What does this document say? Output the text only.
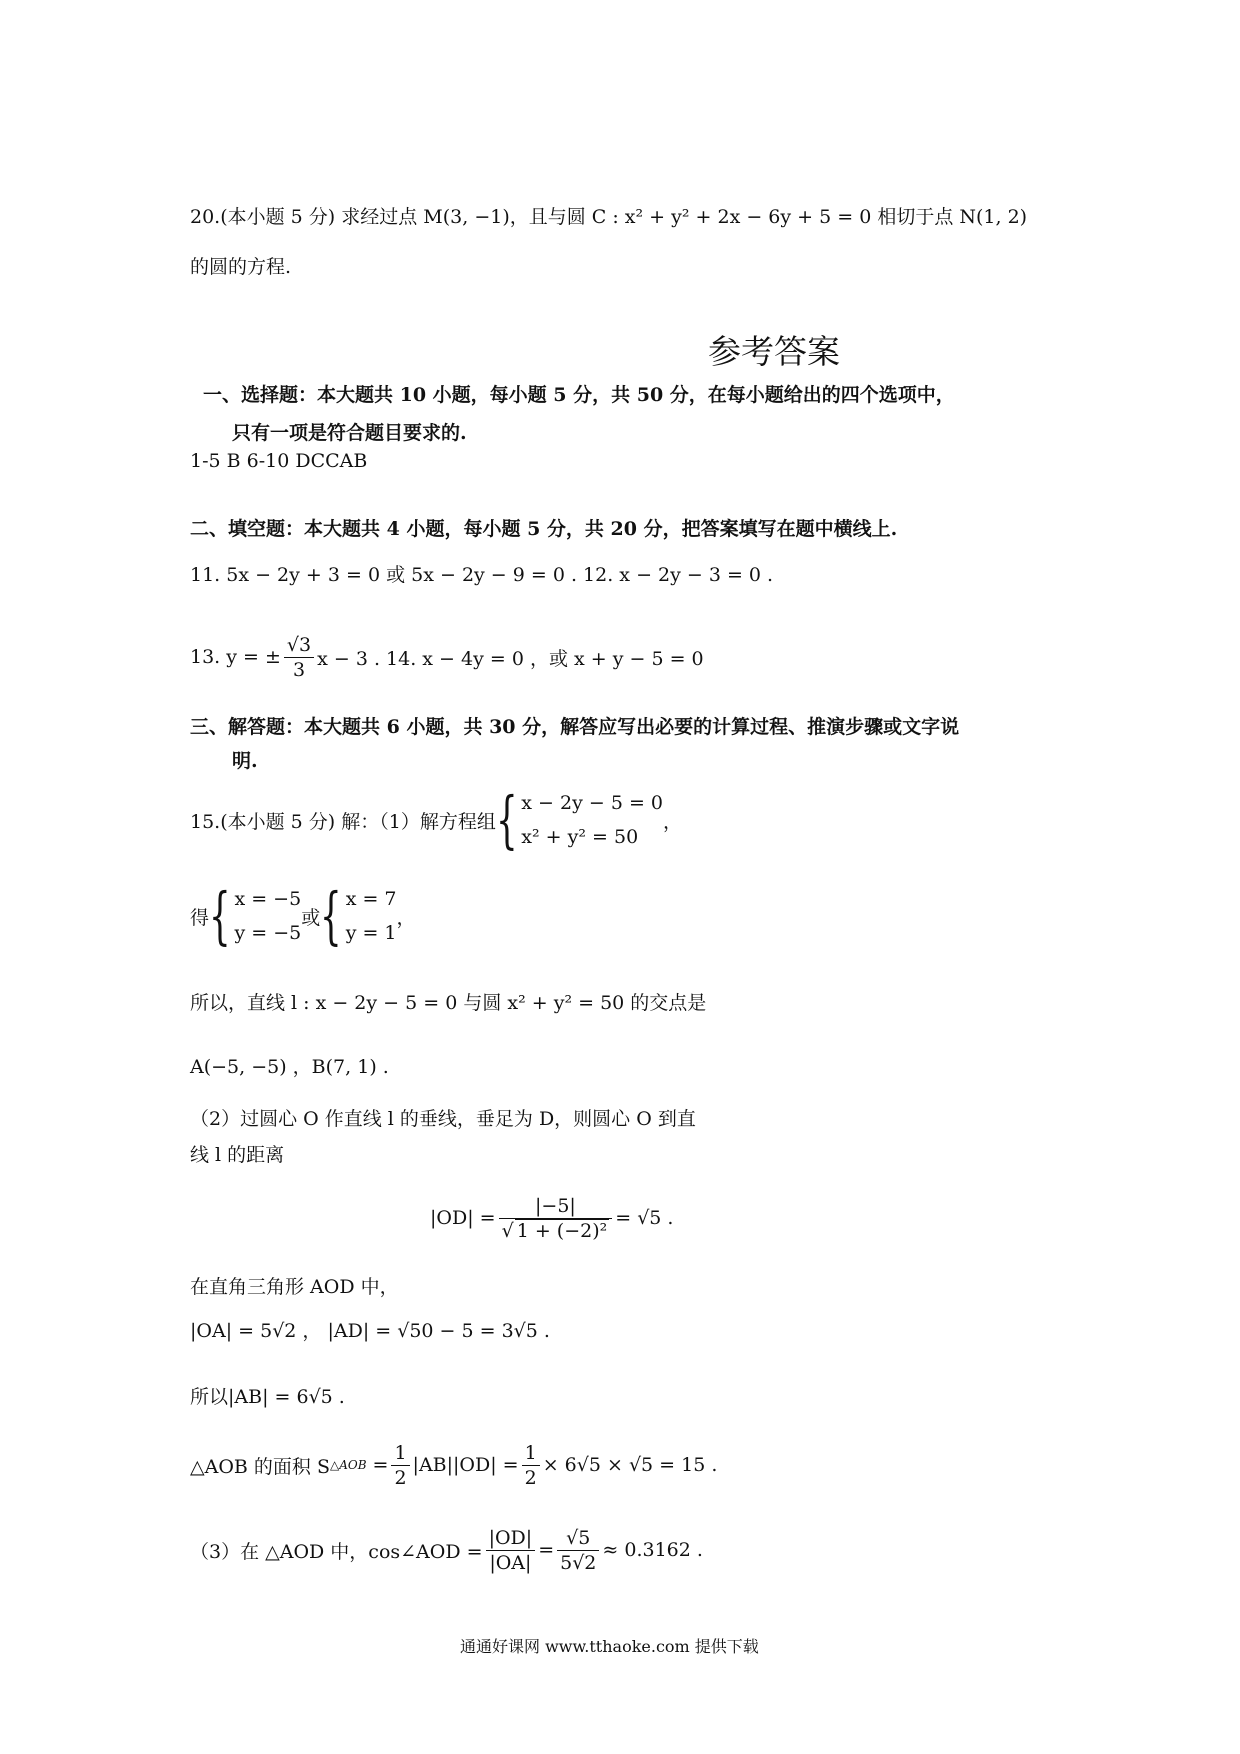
20.(本小题 5 分) 求经过点 M(3, −1)，且与圆 C : x² + y² + 2x − 6y + 5 = 0 相切于点 N(1, 2)
的圆的方程.
参考答案
一、选择题：本大题共 10 小题，每小题 5 分，共 50 分，在每小题给出的四个选项中，
只有一项是符合题目要求的.
1-5 B 6-10 DCCAB
二、填空题：本大题共 4 小题，每小题 5 分，共 20 分，把答案填写在题中横线上.
11. 5x − 2y + 3 = 0 或 5x − 2y − 9 = 0 . 12. x − 2y − 3 = 0 .
13. y = ± $\frac{√3}{3}$ x − 3 . 14. x − 4y = 0 ，或 x + y − 5 = 0
三、解答题：本大题共 6 小题，共 30 分，解答应写出必要的计算过程、推演步骤或文字说
明.
15.(本小题 5 分) 解：（1）解方程组 { x − 2y − 5 = 0
x² + y² = 50
，
得 { x = −5
y = −5
或 { x = 7
y = 1
，
所以，直线 l : x − 2y − 5 = 0 与圆 x² + y² = 50 的交点是
A(−5, −5) ，B(7, 1) .
（2）过圆心 O 作直线 l 的垂线，垂足为 D，则圆心 O 到直
线 l 的距离
$|OD| = \frac{|-5|}{\text{√ 1 + (−2)²}} = √5$ .
在直角三角形 AOD 中，
|OA| = 5√2 ， |AD| = √50 − 5 = 3√5 .
所以|AB| = 6√5 .
△AOB 的面积 S △AOB = $\frac{1}{2} |AB||OD| = \frac{1}{2} \times 6√5 \times √5 = 15$ .
（3）在 △AOD 中，cos∠AOD = $\frac{|OD|}{|OA|} = \frac{√5}{5√2} \approx 0.3162$ .
通通好课网 www.tthaoke.com 提供下载
